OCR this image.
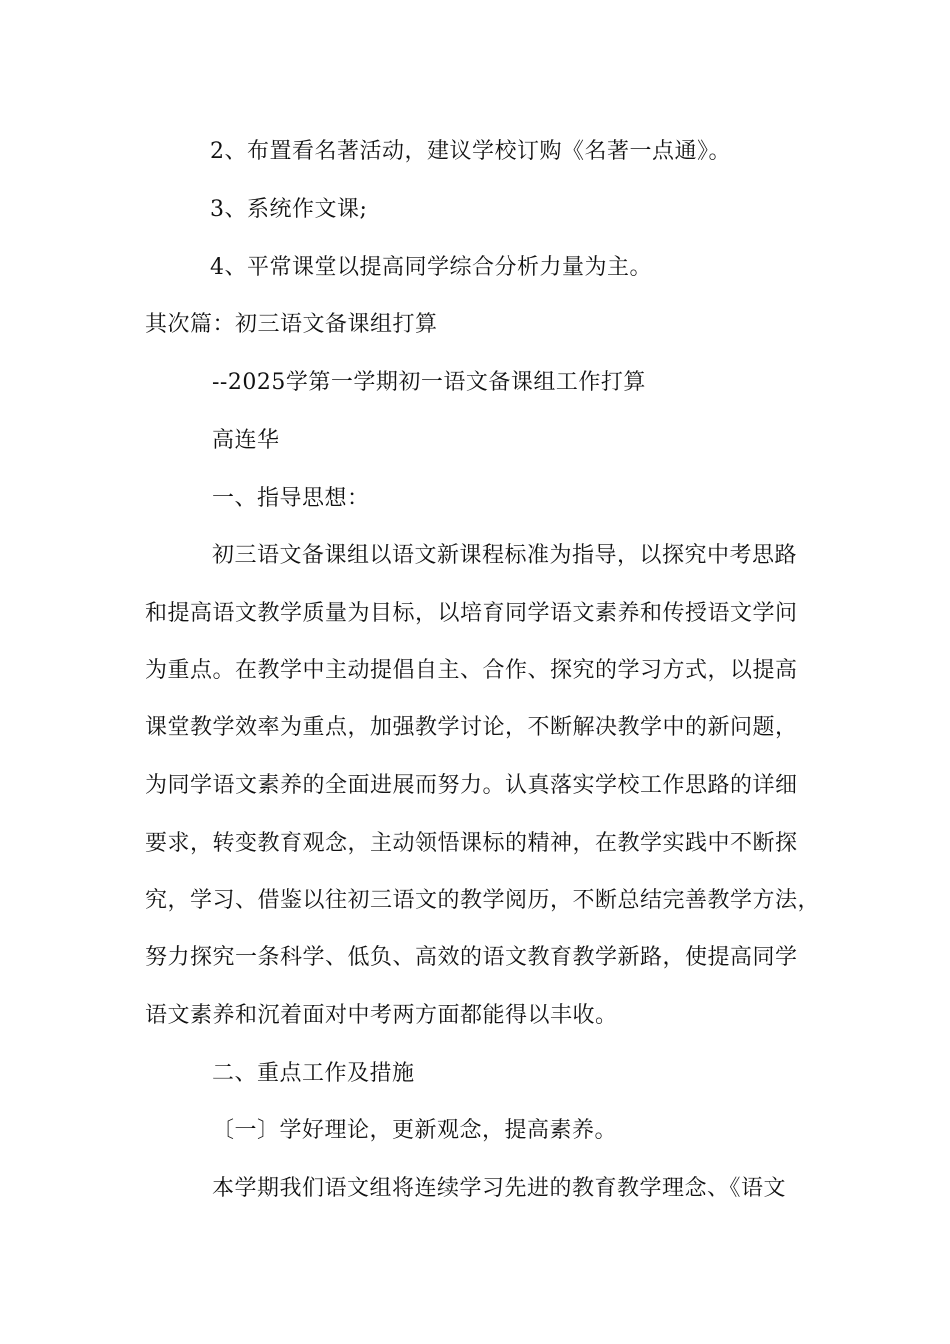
2、布置看名著活动，建议学校订购《名著一点通》。
3、系统作文课;
4、平常课堂以提高同学综合分析力量为主。
其次篇：初三语文备课组打算
--2025学第一学期初一语文备课组工作打算
高连华
一、指导思想：
初三语文备课组以语文新课程标准为指导，以探究中考思路
和提高语文教学质量为目标，以培育同学语文素养和传授语文学问
为重点。在教学中主动提倡自主、合作、探究的学习方式，以提高
课堂教学效率为重点，加强教学讨论，不断解决教学中的新问题，
为同学语文素养的全面进展而努力。认真落实学校工作思路的详细
要求，转变教育观念，主动领悟课标的精神，在教学实践中不断探
究，学习、借鉴以往初三语文的教学阅历，不断总结完善教学方法，
努力探究一条科学、低负、高效的语文教育教学新路，使提高同学
语文素养和沉着面对中考两方面都能得以丰收。
二、重点工作及措施
〔一〕学好理论，更新观念，提高素养。
本学期我们语文组将连续学习先进的教育教学理念、《语文
